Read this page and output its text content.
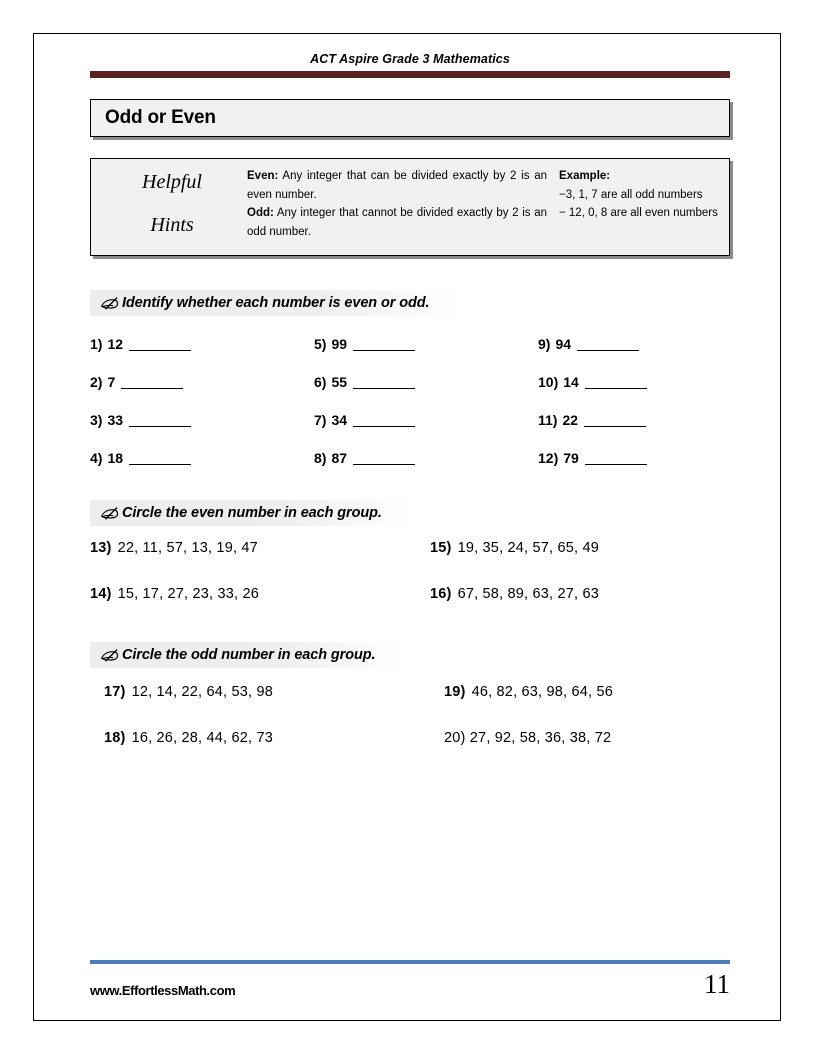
ACT Aspire Grade 3 Mathematics
Odd or Even
Helpful
Hints
Even: Any integer that can be divided exactly by 2 is an even number.
Odd: Any integer that cannot be divided exactly by 2 is an odd number.
Example:
−3, 1, 7 are all odd numbers
− 12, 0, 8 are all even numbers
Identify whether each number is even or odd.
1) 12	5) 99	9) 94
2) 7	6) 55	10) 14
3) 33	7) 34	11) 22
4) 18	8) 87	12) 79
Circle the even number in each group.
13) 22, 11, 57, 13, 19, 47	15) 19, 35, 24, 57, 65, 49
14) 15, 17, 27, 23, 33, 26	16) 67, 58, 89, 63, 27, 63
Circle the odd number in each group.
17) 12, 14, 22, 64, 53, 98	19) 46, 82, 63, 98, 64, 56
18) 16, 26, 28, 44, 62, 73	20) 27, 92, 58, 36, 38, 72
www.EffortlessMath.com	11
